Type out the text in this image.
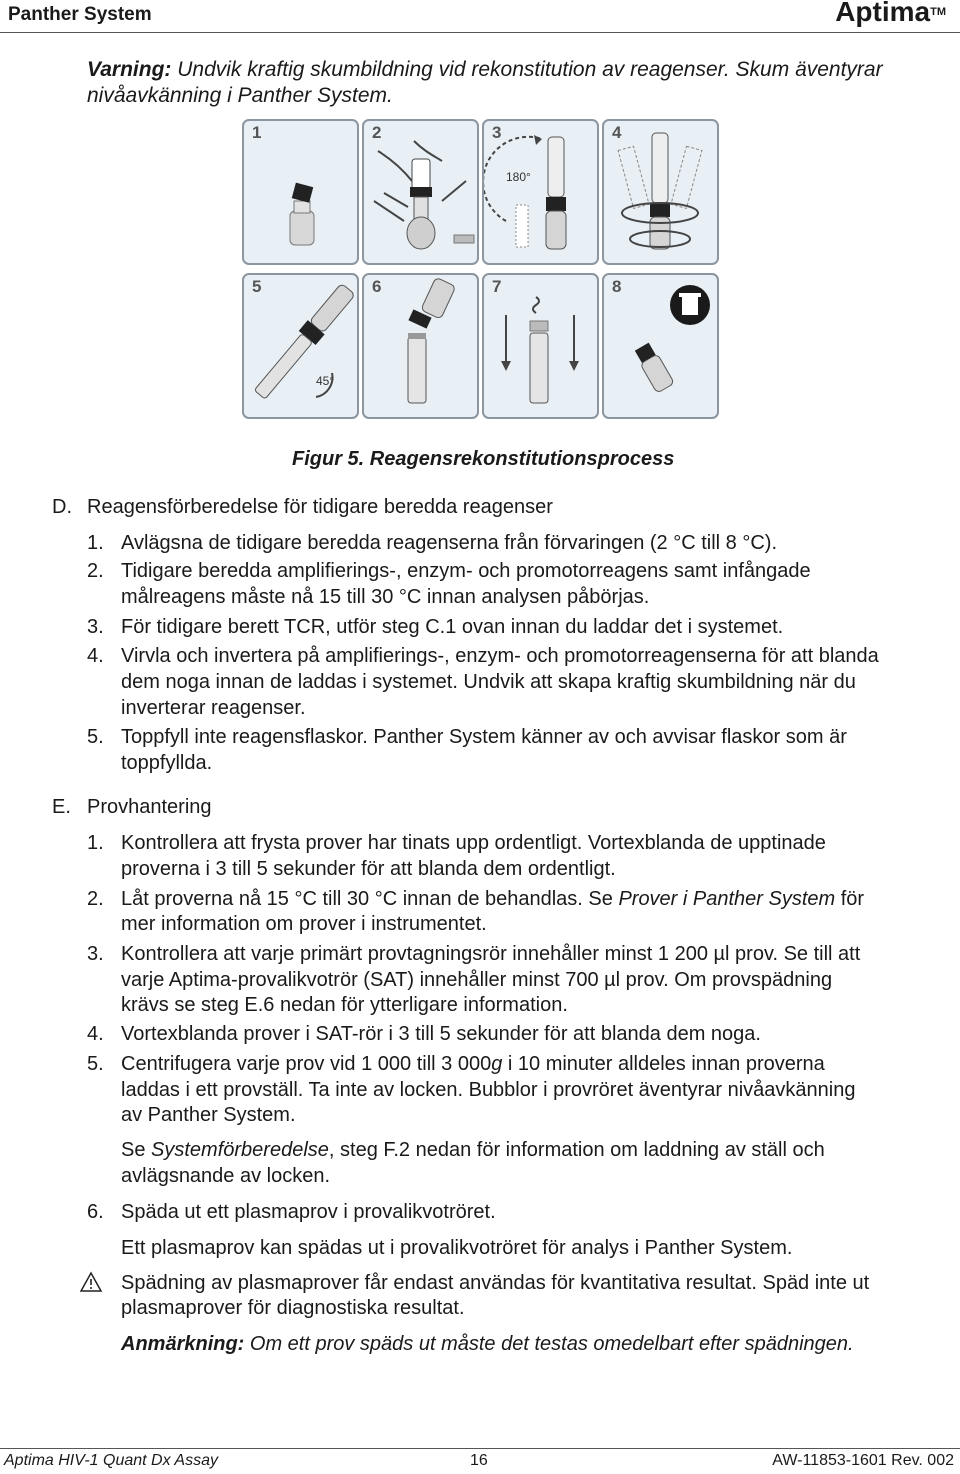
Panther System	Aptima™
Varning: Undvik kraftig skumbildning vid rekonstitution av reagenser. Skum äventyrar nivåavkänning i Panther System.
1	2	3
180°
4
5
45°
6	7	8
Figur 5. Reagensrekonstitutionsprocess
D. Reagensförberedelse för tidigare beredda reagenser
1. Avlägsna de tidigare beredda reagenserna från förvaringen (2 °C till 8 °C).
2. Tidigare beredda amplifierings-, enzym- och promotorreagens samt infångade
målreagens måste nå 15 till 30 °C innan analysen påbörjas.
3. För tidigare berett TCR, utför steg C.1 ovan innan du laddar det i systemet.
4. Virvla och invertera på amplifierings-, enzym- och promotorreagenserna för att blanda
dem noga innan de laddas i systemet. Undvik att skapa kraftig skumbildning när du
inverterar reagenser.
5. Toppfyll inte reagensflaskor. Panther System känner av och avvisar flaskor som är
toppfyllda.
E. Provhantering
1. Kontrollera att frysta prover har tinats upp ordentligt. Vortexblanda de upptinade
proverna i 3 till 5 sekunder för att blanda dem ordentligt.
2. Låt proverna nå 15 °C till 30 °C innan de behandlas. Se Prover i Panther System för
mer information om prover i instrumentet.
3. Kontrollera att varje primärt provtagningsrör innehåller minst 1 200 µl prov. Se till att
varje Aptima-provalikvotrör (SAT) innehåller minst 700 µl prov. Om provspädning
krävs se steg E.6 nedan för ytterligare information.
4. Vortexblanda prover i SAT-rör i 3 till 5 sekunder för att blanda dem noga.
5. Centrifugera varje prov vid 1 000 till 3 000g i 10 minuter alldeles innan proverna
laddas i ett provställ. Ta inte av locken. Bubblor i provröret äventyrar nivåavkänning
av Panther System.
Se Systemförberedelse, steg F.2 nedan för information om laddning av ställ och
avlägsnande av locken.
6. Späda ut ett plasmaprov i provalikvotröret.
Ett plasmaprov kan spädas ut i provalikvotröret för analys i Panther System.
Spädning av plasmaprover får endast användas för kvantitativa resultat. Späd inte ut
plasmaprover för diagnostiska resultat.
Anmärkning: Om ett prov späds ut måste det testas omedelbart efter spädningen.
Aptima HIV-1 Quant Dx Assay	16	AW-11853-1601 Rev. 002
